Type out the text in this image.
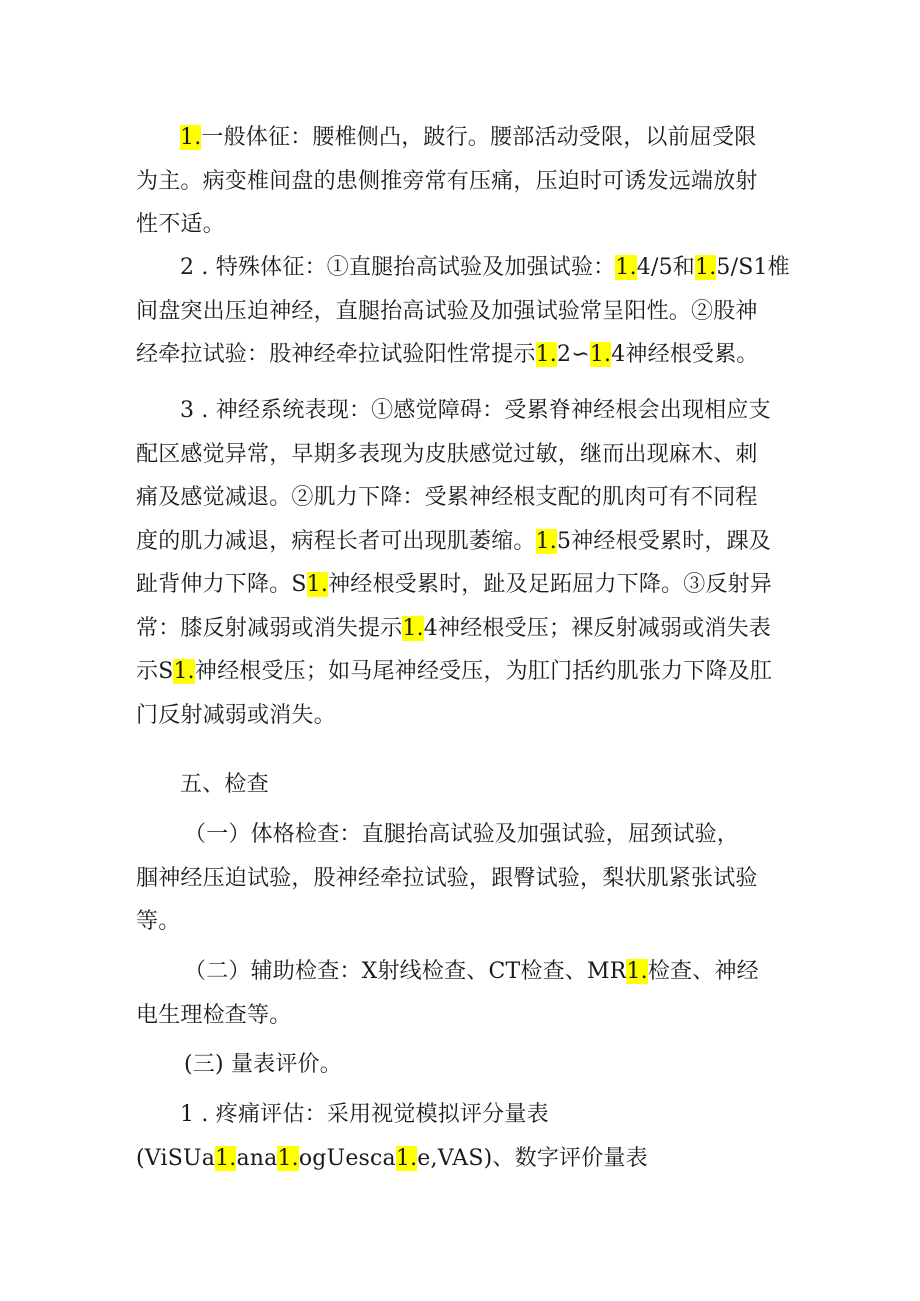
1.一般体征：腰椎侧凸，跛行。腰部活动受限，以前屈受限
为主。病变椎间盘的患侧推旁常有压痛，压迫时可诱发远端放射
性不适。

2 . 特殊体征：①直腿抬高试验及加强试验：1.4/5和1.5/S1椎
间盘突出压迫神经，直腿抬高试验及加强试验常呈阳性。②股神
经牵拉试验：股神经牵拉试验阳性常提示1.2∽1.4神经根受累。

3 . 神经系统表现：①感觉障碍：受累脊神经根会出现相应支
配区感觉异常，早期多表现为皮肤感觉过敏，继而出现麻木、刺
痛及感觉减退。②肌力下降：受累神经根支配的肌肉可有不同程
度的肌力减退，病程长者可出现肌萎缩。1.5神经根受累时，踝及
趾背伸力下降。S1.神经根受累时，趾及足跖屈力下降。③反射异
常：膝反射减弱或消失提示1.4神经根受压；裸反射减弱或消失表
示S1.神经根受压；如马尾神经受压，为肛门括约肌张力下降及肛
门反射减弱或消失。

五、检查

（一）体格检查：直腿抬高试验及加强试验，屈颈试验，
腘神经压迫试验，股神经牵拉试验，跟臀试验，梨状肌紧张试验
等。

（二）辅助检查：X射线检查、CT检查、MR1.检查、神经
电生理检查等。

(三) 量表评价。

1 . 疼痛评估：采用视觉模拟评分量表
(ViSUa1.ana1.ogUesca1.e,VAS)、数字评价量表
